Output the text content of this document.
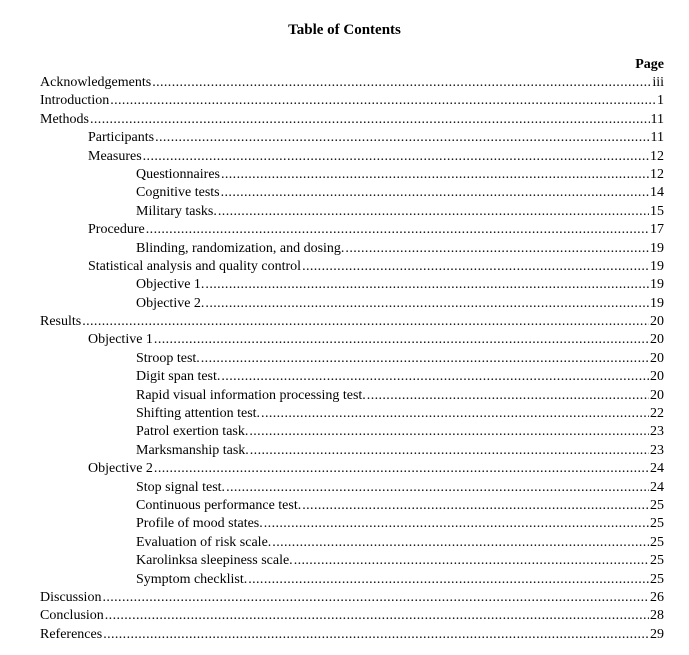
Table of Contents
Page
Acknowledgements .....	iii
Introduction .....	1
Methods .....	11
Participants .....	11
Measures .....	12
Questionnaires .....	12
Cognitive tests .....	14
Military tasks. .....	15
Procedure .....	17
Blinding, randomization, and dosing. .....	19
Statistical analysis and quality control .....	19
Objective 1. .....	19
Objective 2. .....	19
Results .....	20
Objective 1 .....	20
Stroop test. .....	20
Digit span test. .....	20
Rapid visual information processing test. .....	20
Shifting attention test. .....	22
Patrol exertion task. .....	23
Marksmanship task. .....	23
Objective 2 .....	24
Stop signal test. .....	24
Continuous performance test. .....	25
Profile of mood states. .....	25
Evaluation of risk scale. .....	25
Karolinksa sleepiness scale. .....	25
Symptom checklist. .....	25
Discussion .....	26
Conclusion .....	28
References .....	29
